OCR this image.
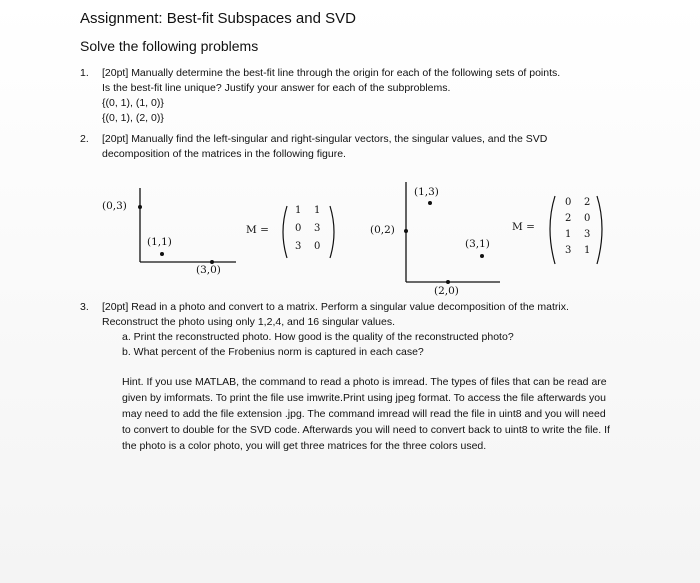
Assignment: Best-fit Subspaces and SVD
Solve the following problems
1. [20pt] Manually determine the best-fit line through the origin for each of the following sets of points.
Is the best-fit line unique? Justify your answer for each of the subproblems.
{(0, 1), (1, 0)}
{(0, 1), (2, 0)}
2. [20pt] Manually find the left-singular and right-singular vectors, the singular values, and the SVD
decomposition of the matrices in the following figure.
(0,3)
(1,1)
(3,0)
M =
1 1
0 3
3 0
(1,3)
(0,2)
(3,1)
(2,0)
M =
0 2
2 0
1 3
3 1
3. [20pt] Read in a photo and convert to a matrix. Perform a singular value decomposition of the matrix.
Reconstruct the photo using only 1,2,4, and 16 singular values.
a. Print the reconstructed photo. How good is the quality of the reconstructed photo?
b. What percent of the Frobenius norm is captured in each case?
Hint. If you use MATLAB, the command to read a photo is imread. The types of files that can be read are given by imformats. To print the file use imwrite.Print using jpeg format. To access the file afterwards you may need to add the file extension .jpg. The command imread will read the file in uint8 and you will need to convert to double for the SVD code. Afterwards you will need to convert back to uint8 to write the file. If the photo is a color photo, you will get three matrices for the three colors used.
